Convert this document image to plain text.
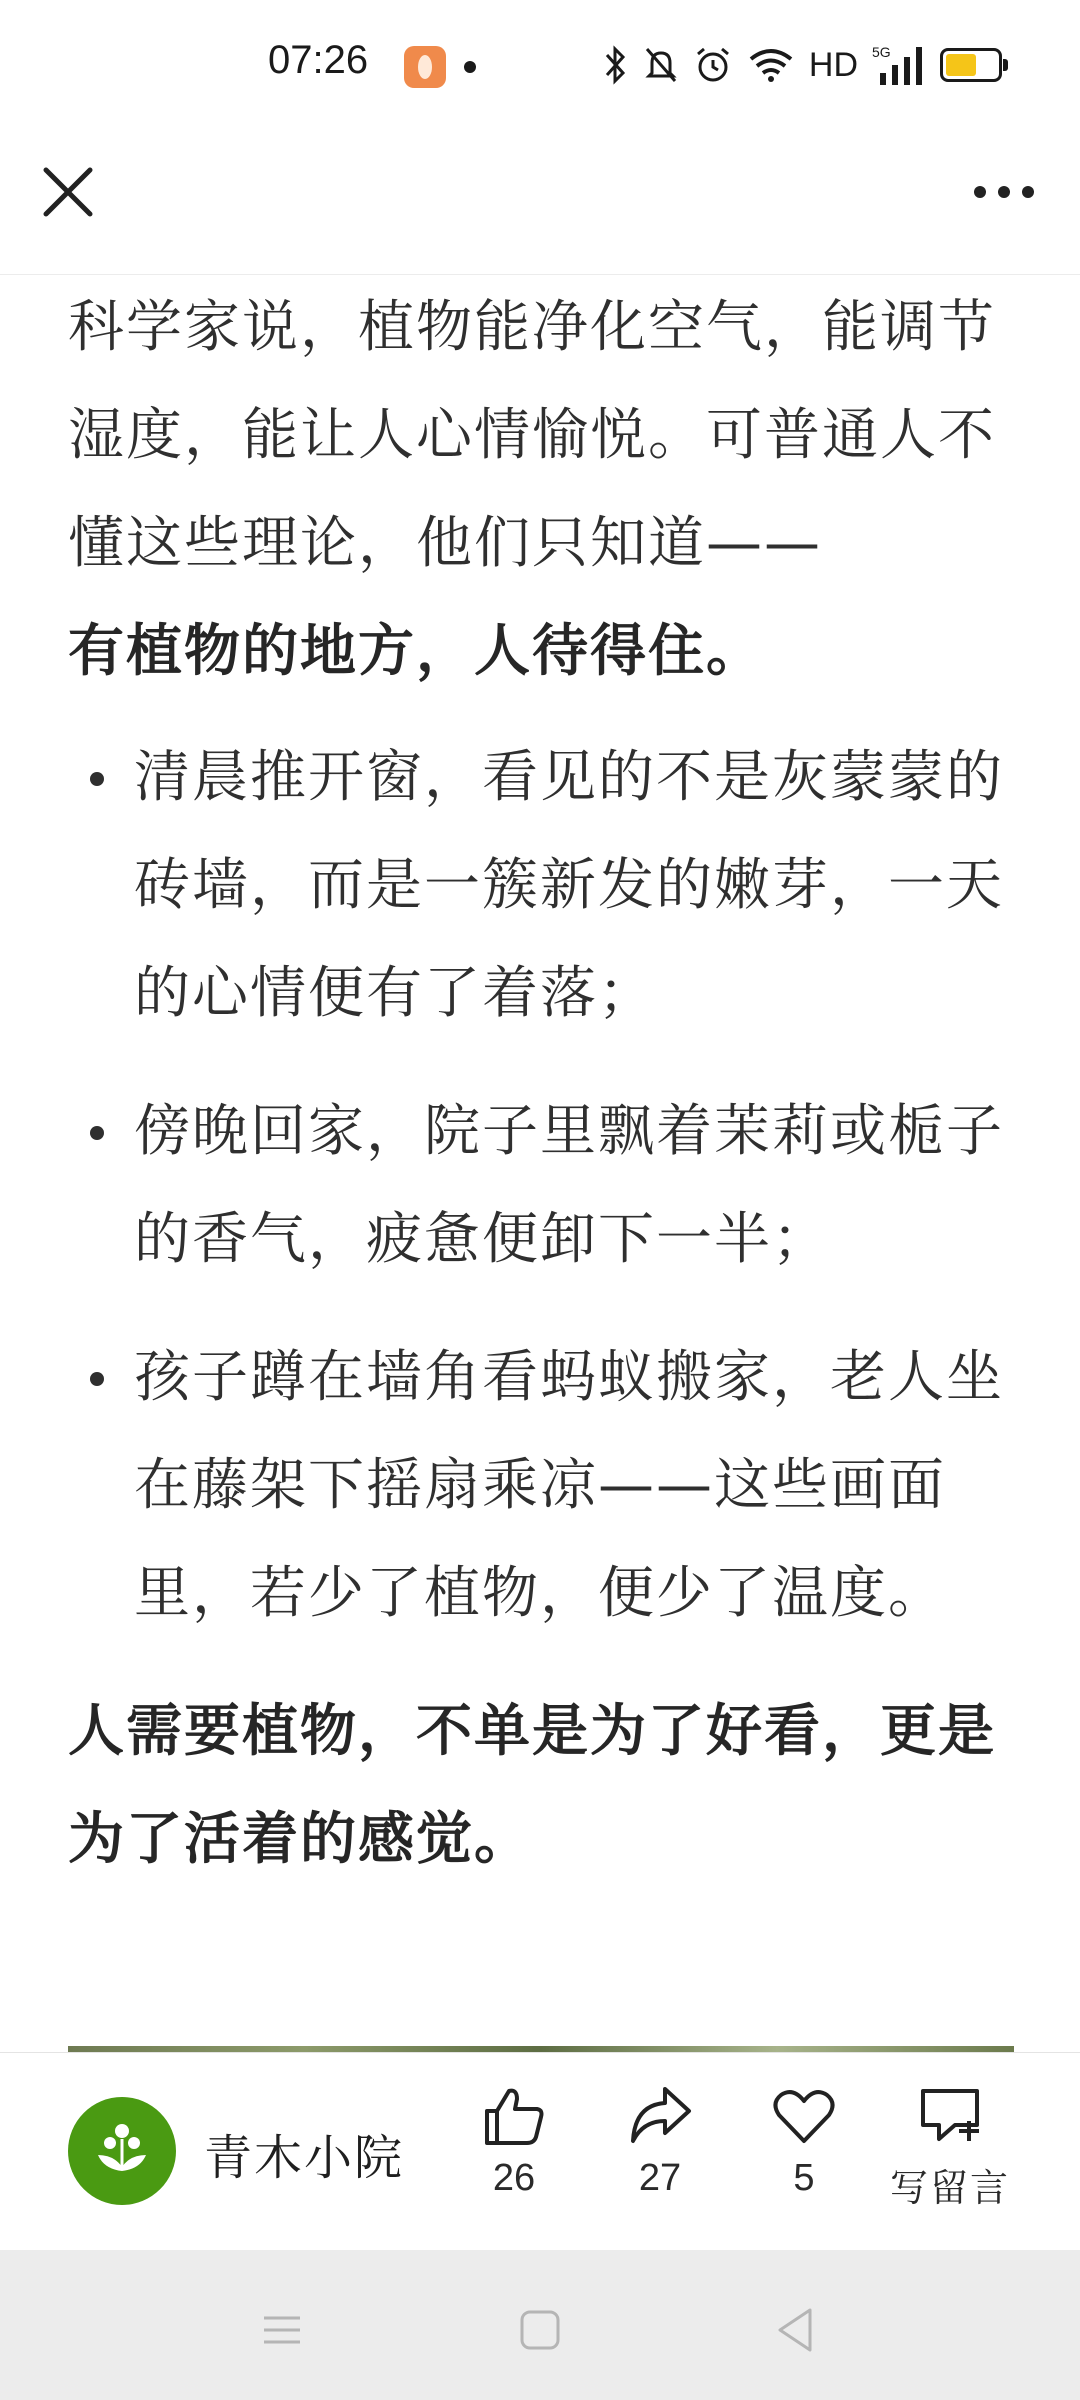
07:26	HD 5G

科学家说，植物能净化空气，能调节湿度，能让人心情愉悦。可普通人不懂这些理论，他们只知道——
有植物的地方，人待得住。

清晨推开窗，看见的不是灰蒙蒙的砖墙，而是一簇新发的嫩芽，一天的心情便有了着落；
傍晚回家，院子里飘着茉莉或栀子的香气，疲惫便卸下一半；
孩子蹲在墙角看蚂蚁搬家，老人坐在藤架下摇扇乘凉——这些画面里，若少了植物，便少了温度。

人需要植物，不单是为了好看，更是为了活着的感觉。

青木小院	26	27	5	写留言
